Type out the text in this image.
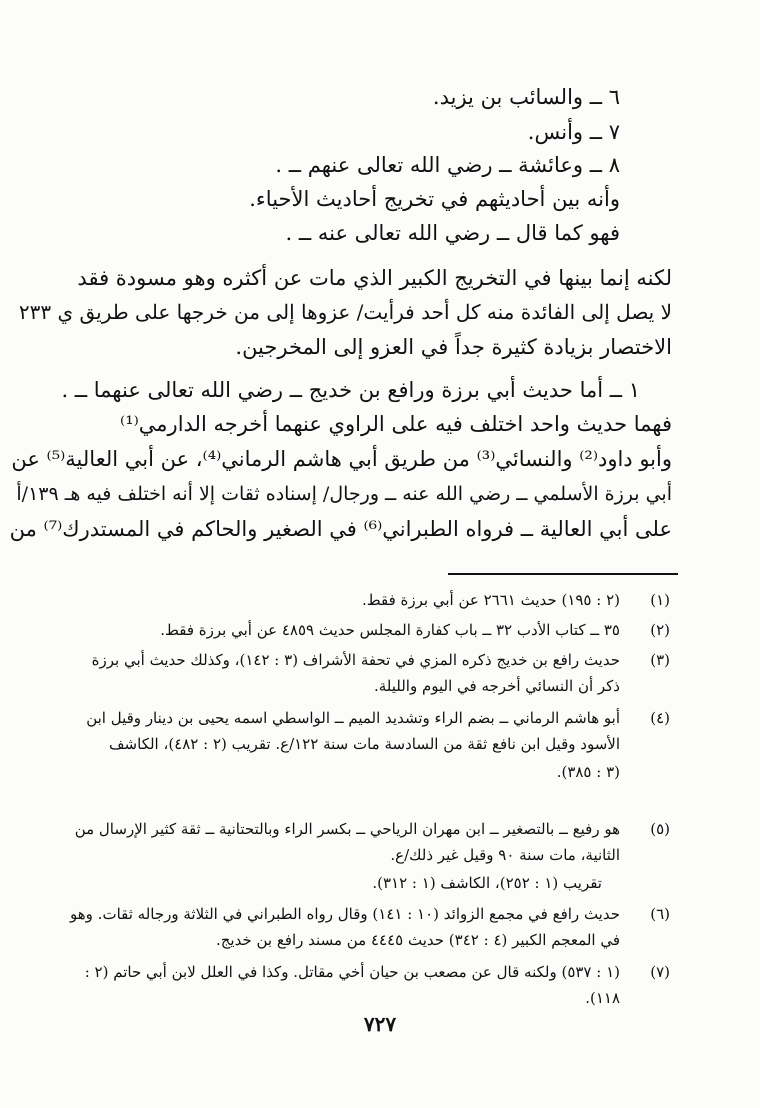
٦ ــ والسائب بن يزيد.
٧ ــ وأنس.
٨ ــ وعائشة ــ رضي الله تعالى عنهم ــ .
وأنه بين أحاديثهم في تخريج أحاديث الأحياء.
فهو كما قال ــ رضي الله تعالى عنه ــ .
لكنه إنما بينها في التخريج الكبير الذي مات عن أكثره وهو مسودة فقد
لا يصل إلى الفائدة منه كل أحد فرأيت/ عزوها إلى من خرجها على طريق ي ٢٣٣
الاختصار بزيادة كثيرة جداً في العزو إلى المخرجين.
١ ــ أما حديث أبي برزة ورافع بن خديج ــ رضي الله تعالى عنهما ــ .
فهما حديث واحد اختلف فيه على الراوي عنهما أخرجه الدارمي⁽¹⁾
وأبو داود⁽²⁾ والنسائي⁽³⁾ من طريق أبي هاشم الرماني⁽⁴⁾، عن أبي العالية⁽⁵⁾ عن
أبي برزة الأسلمي ــ رضي الله عنه ــ ورجال/ إسناده ثقات إلا أنه اختلف فيه هـ ١٣٩/أ
على أبي العالية ــ فرواه الطبراني⁽⁶⁾ في الصغير والحاكم في المستدرك⁽⁷⁾ من
(١)
(٢ : ١٩٥) حديث ٢٦٦١ عن أبي برزة فقط.
(٢)
٣٥ ــ كتاب الأدب ٣٢ ــ باب كفارة المجلس حديث ٤٨٥٩ عن أبي برزة فقط.
(٣)
حديث رافع بن خديج ذكره المزي في تحفة الأشراف (٣ : ١٤٢)، وكذلك حديث أبي برزة
ذكر أن النسائي أخرجه في اليوم والليلة.
(٤)
أبو هاشم الرماني ــ بضم الراء وتشديد الميم ــ الواسطي اسمه يحيى بن دينار وقيل ابن
الأسود وقيل ابن نافع ثقة من السادسة مات سنة ١٢٢/ع. تقريب (٢ : ٤٨٢)، الكاشف
(٣ : ٣٨٥).
(٥)
هو رفيع ــ بالتصغير ــ ابن مهران الرياحي ــ بكسر الراء وبالتحتانية ــ ثقة كثير الإرسال من
الثانية، مات سنة ٩٠ وقيل غير ذلك/ع.
تقريب (١ : ٢٥٢)، الكاشف (١ : ٣١٢).
(٦)
حديث رافع في مجمع الزوائد (١٠ : ١٤١) وقال رواه الطبراني في الثلاثة ورجاله ثقات. وهو
في المعجم الكبير (٤ : ٣٤٢) حديث ٤٤٤٥ من مسند رافع بن خديج.
(٧)
(١ : ٥٣٧) ولكنه قال عن مصعب بن حيان أخي مقاتل. وكذا في العلل لابن أبي حاتم (٢ :
١١٨).
٧٢٧
